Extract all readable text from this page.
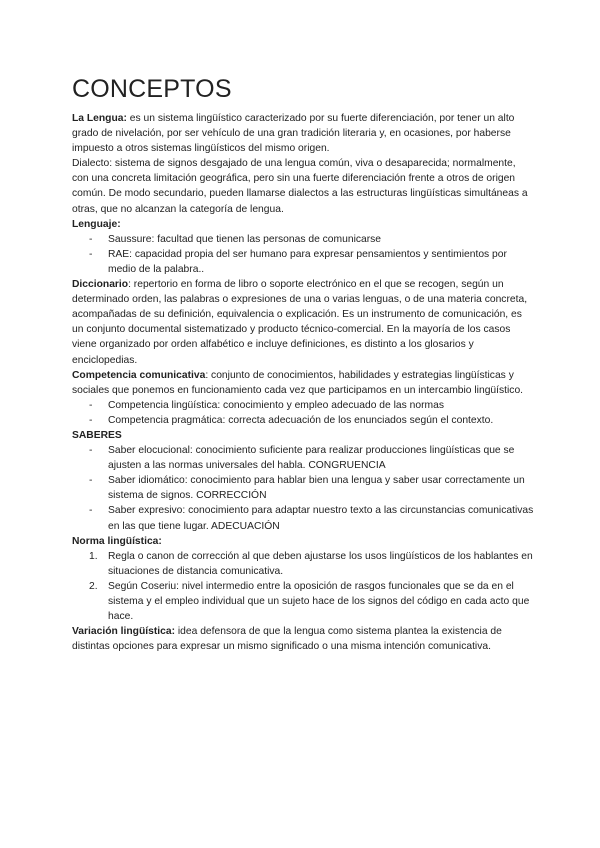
CONCEPTOS

La Lengua: es un sistema lingüístico caracterizado por su fuerte diferenciación, por tener un alto grado de nivelación, por ser vehículo de una gran tradición literaria y, en ocasiones, por haberse impuesto a otros sistemas lingüísticos del mismo origen.

Dialecto: sistema de signos desgajado de una lengua común, viva o desaparecida; normalmente, con una concreta limitación geográfica, pero sin una fuerte diferenciación frente a otros de origen común. De modo secundario, pueden llamarse dialectos a las estructuras lingüísticas simultáneas a otras, que no alcanzan la categoría de lengua.

Lenguaje:

- Saussure: facultad que tienen las personas de comunicarse
- RAE: capacidad propia del ser humano para expresar pensamientos y sentimientos por medio de la palabra..

Diccionario: repertorio en forma de libro o soporte electrónico en el que se recogen, según un determinado orden, las palabras o expresiones de una o varias lenguas, o de una materia concreta, acompañadas de su definición, equivalencia o explicación. Es un instrumento de comunicación, es un conjunto documental sistematizado y producto técnico-comercial. En la mayoría de los casos viene organizado por orden alfabético e incluye definiciones, es distinto a los glosarios y enciclopedias.

Competencia comunicativa: conjunto de conocimientos, habilidades y estrategias lingüísticas y sociales que ponemos en funcionamiento cada vez que participamos en un intercambio lingüístico.

- Competencia lingüística: conocimiento y empleo adecuado de las normas
- Competencia pragmática: correcta adecuación de los enunciados según el contexto.

SABERES

- Saber elocucional: conocimiento suficiente para realizar producciones lingüísticas que se ajusten a las normas universales del habla. CONGRUENCIA
- Saber idiomático: conocimiento para hablar bien una lengua y saber usar correctamente un sistema de signos. CORRECCIÓN
- Saber expresivo: conocimiento para adaptar nuestro texto a las circunstancias comunicativas en las que tiene lugar. ADECUACIÓN

Norma lingüística:

1. Regla o canon de corrección al que deben ajustarse los usos lingüísticos de los hablantes en situaciones de distancia comunicativa.
2. Según Coseriu: nivel intermedio entre la oposición de rasgos funcionales que se da en el sistema y el empleo individual que un sujeto hace de los signos del código en cada acto que hace.

Variación lingüística: idea defensora de que la lengua como sistema plantea la existencia de distintas opciones para expresar un mismo significado o una misma intención comunicativa.
